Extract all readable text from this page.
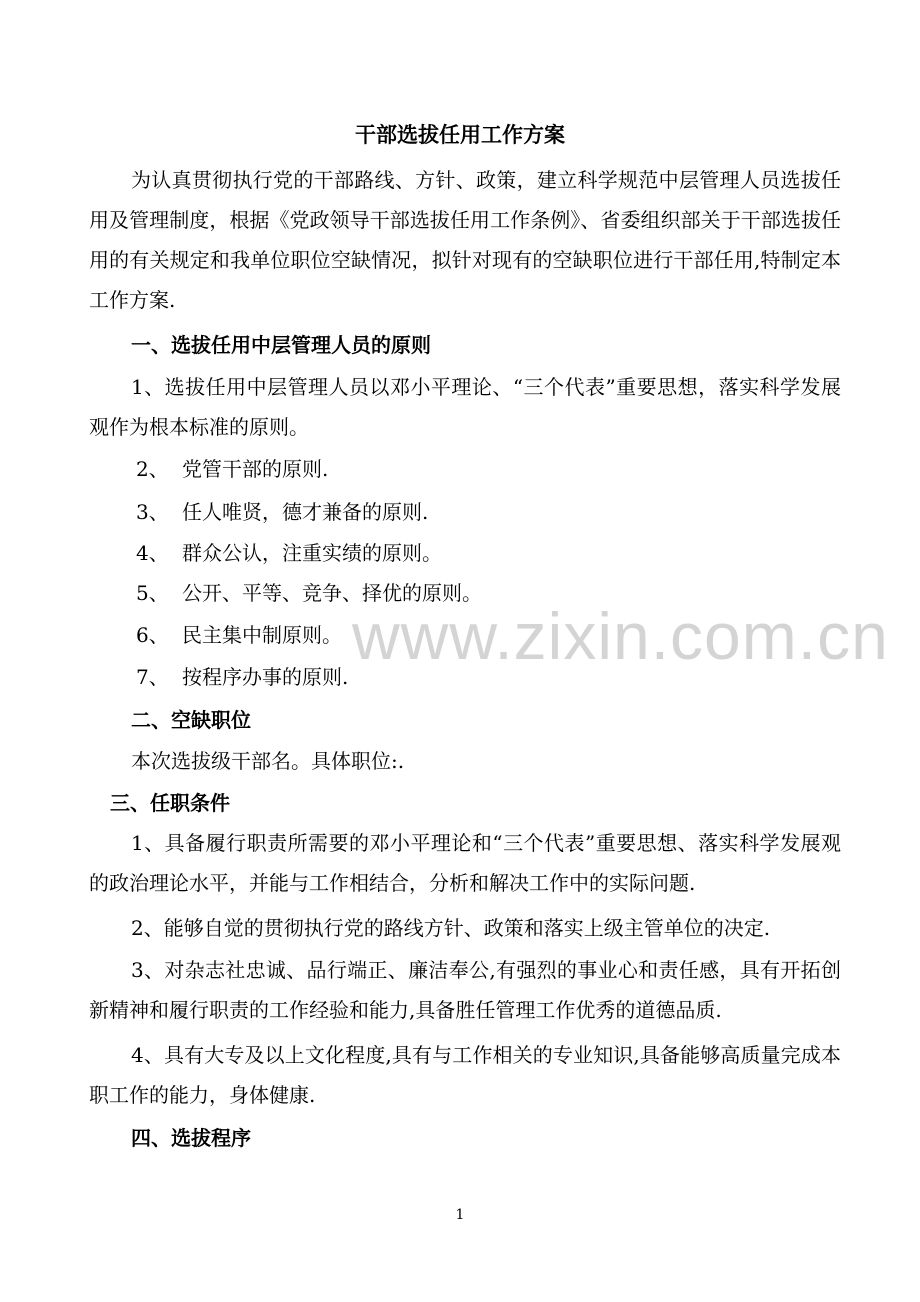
干部选拔任用工作方案
为认真贯彻执行党的干部路线、方针、政策，建立科学规范中层管理人员选拔任用及管理制度，根据《党政领导干部选拔任用工作条例》、省委组织部关于干部选拔任用的有关规定和我单位职位空缺情况，拟针对现有的空缺职位进行干部任用,特制定本工作方案.
一、选拔任用中层管理人员的原则
1、选拔任用中层管理人员以邓小平理论、“三个代表”重要思想，落实科学发展观作为根本标准的原则。
2、 党管干部的原则.
3、 任人唯贤，德才兼备的原则.
4、 群众公认，注重实绩的原则。
5、 公开、平等、竞争、择优的原则。
6、 民主集中制原则。
7、 按程序办事的原则.
二、空缺职位
本次选拔级干部名。具体职位:.
三、任职条件
1、具备履行职责所需要的邓小平理论和“三个代表”重要思想、落实科学发展观的政治理论水平，并能与工作相结合，分析和解决工作中的实际问题.
2、能够自觉的贯彻执行党的路线方针、政策和落实上级主管单位的决定.
3、对杂志社忠诚、品行端正、廉洁奉公,有强烈的事业心和责任感，具有开拓创新精神和履行职责的工作经验和能力,具备胜任管理工作优秀的道德品质.
4、具有大专及以上文化程度,具有与工作相关的专业知识,具备能够高质量完成本职工作的能力，身体健康.
四、选拔程序
www.zixin.com.cn
1
